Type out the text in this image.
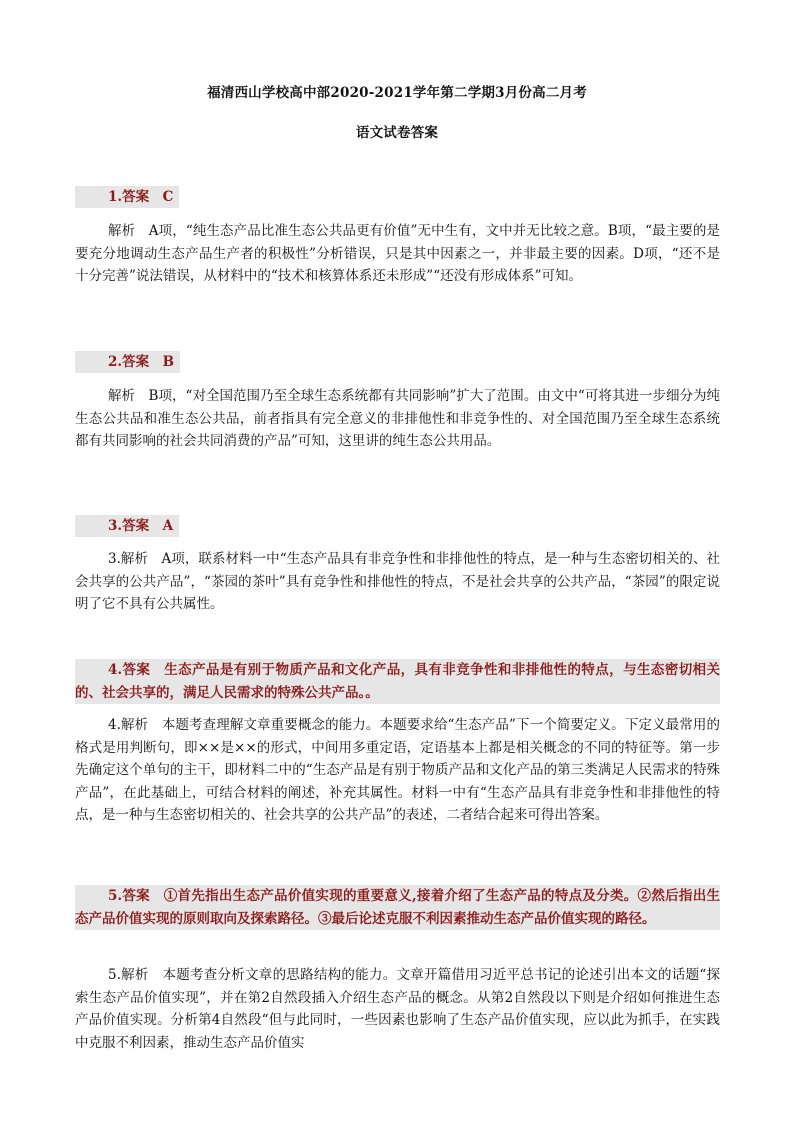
福清西山学校高中部2020-2021学年第二学期3月份高二月考
语文试卷答案
1.答案　C

解析　A项，“纯生态产品比准生态公共品更有价值”无中生有，文中并无比较之意。B项，“最主要的是要充分地调动生态产品生产者的积极性”分析错误，只是其中因素之一，并非最主要的因素。D项，“还不是十分完善”说法错误，从材料中的“技术和核算体系还未形成”“还没有形成体系”可知。

2.答案　B

解析　B项，“对全国范围乃至全球生态系统都有共同影响”扩大了范围。由文中“可将其进一步细分为纯生态公共品和准生态公共品，前者指具有完全意义的非排他性和非竞争性的、对全国范围乃至全球生态系统都有共同影响的社会共同消费的产品”可知，这里讲的纯生态公共用品。

3.答案　A

3.解析　A项，联系材料一中“生态产品具有非竞争性和非排他性的特点，是一种与生态密切相关的、社会共享的公共产品”，“茶园的茶叶”具有竞争性和排他性的特点，不是社会共享的公共产品，“茶园”的限定说明了它不具有公共属性。

4.答案　生态产品是有别于物质产品和文化产品，具有非竞争性和非排他性的特点，与生态密切相关的、社会共享的，满足人民需求的特殊公共产品。。

4.解析　本题考查理解文章重要概念的能力。本题要求给“生态产品”下一个简要定义。下定义最常用的格式是用判断句，即××是××的形式，中间用多重定语，定语基本上都是相关概念的不同的特征等。第一步先确定这个单句的主干，即材料二中的“生态产品是有别于物质产品和文化产品的第三类满足人民需求的特殊产品”，在此基础上，可结合材料的阐述，补充其属性。材料一中有“生态产品具有非竞争性和非排他性的特点，是一种与生态密切相关的、社会共享的公共产品”的表述，二者结合起来可得出答案。

5.答案　①首先指出生态产品价值实现的重要意义,接着介绍了生态产品的特点及分类。②然后指出生态产品价值实现的原则取向及探索路径。③最后论述克服不利因素推动生态产品价值实现的路径。

5.解析　本题考查分析文章的思路结构的能力。文章开篇借用习近平总书记的论述引出本文的话题“探索生态产品价值实现”，并在第2自然段插入介绍生态产品的概念。从第2自然段以下则是介绍如何推进生态产品价值实现。分析第4自然段“但与此同时，一些因素也影响了生态产品价值实现，应以此为抓手，在实践中克服不利因素，推动生态产品价值实
